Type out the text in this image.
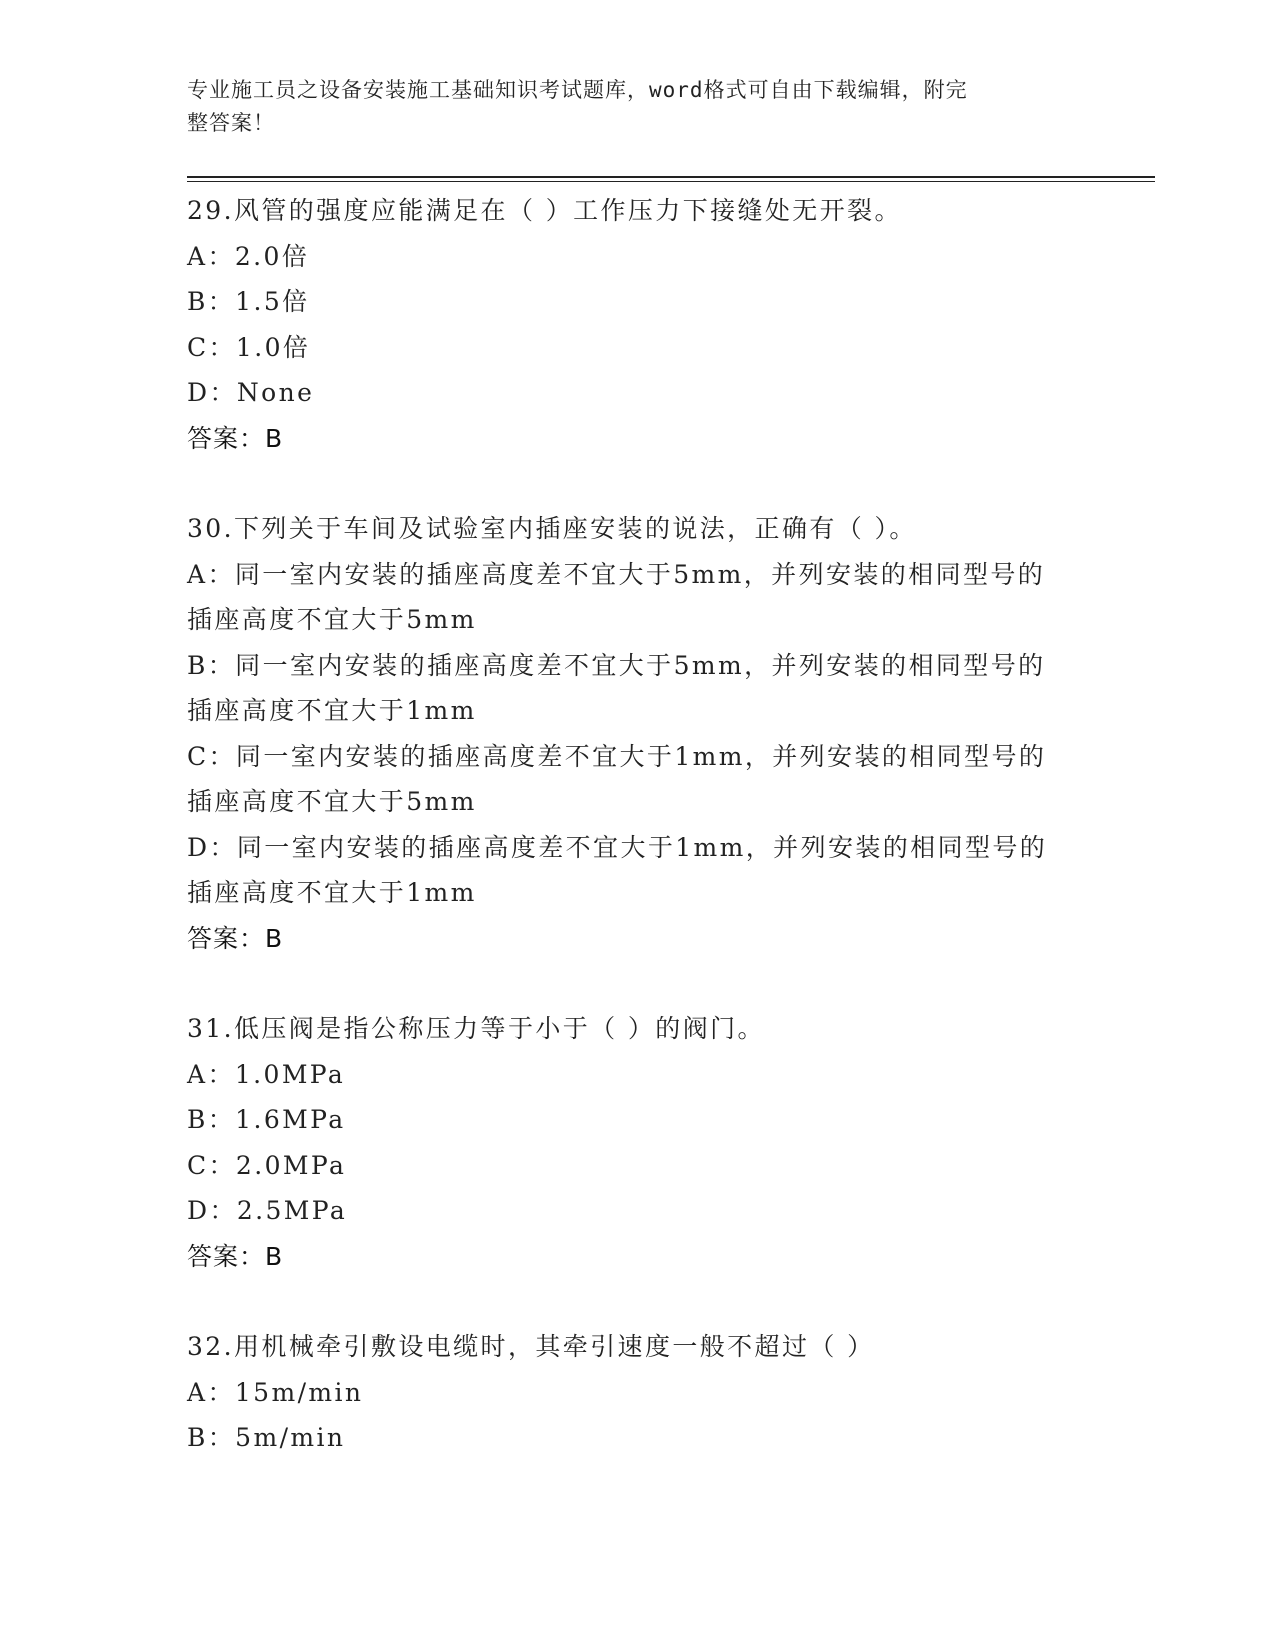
专业施工员之设备安装施工基础知识考试题库，word格式可自由下载编辑，附完
整答案！
29.风管的强度应能满足在（ ）工作压力下接缝处无开裂。
A：2.0倍
B：1.5倍
C：1.0倍
D：None
答案：B
30.下列关于车间及试验室内插座安装的说法，正确有（ ）。
A：同一室内安装的插座高度差不宜大于5mm，并列安装的相同型号的
插座高度不宜大于5mm
B：同一室内安装的插座高度差不宜大于5mm，并列安装的相同型号的
插座高度不宜大于1mm
C：同一室内安装的插座高度差不宜大于1mm，并列安装的相同型号的
插座高度不宜大于5mm
D：同一室内安装的插座高度差不宜大于1mm，并列安装的相同型号的
插座高度不宜大于1mm
答案：B
31.低压阀是指公称压力等于小于（ ）的阀门。
A：1.0MPa
B：1.6MPa
C：2.0MPa
D：2.5MPa
答案：B
32.用机械牵引敷设电缆时，其牵引速度一般不超过（ ）
A：15m/min
B：5m/min
